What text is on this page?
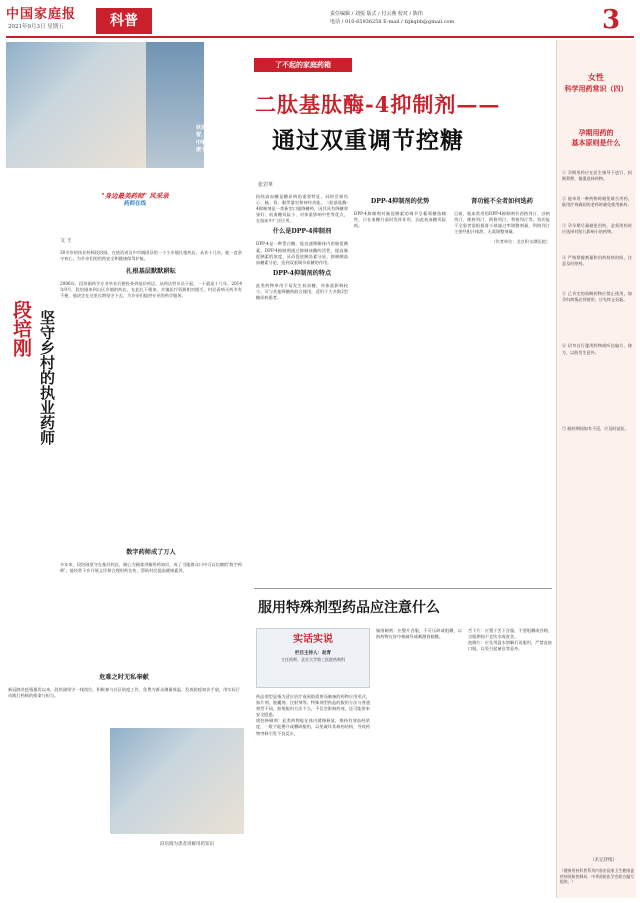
中国家庭报
2021年9月3日 星期五	科普	责任编辑 / 刘悦 版式 / 付云燕 校对 / 陈伟
电话 / 010-65936258 E-mail / fzjkqbb@gmail.com	3
扶贫，既需要扶志扶智，让困难群众在奋斗中增收，更需要打通健康'最后一公里'
"身边最美药师" 风采录
药师在线
文 王
30多岁的执业药师段培刚，在陕西省汉中市城固县的一个小乡镇扎根药店，从业十几年，他一直坚守初心，为乡亲们的用药安全和健康保驾护航。
段培刚 坚守乡村的执业药师
扎根基层默默耕耘
2006年，段培刚药学专业毕业后便投身到基层药店，从药店营业员干起，一干就是十几年。2014年9月，段培刚来到山区乡镇的药店，在此扎下根来。乡镇医疗资源相对匮乏，村民看病买药多有不便，他决定在这里长期坚守下去，为乡亲们提供专业的药学服务。
数字药师成了万人
多年来，段培刚坚守在基层药店，耐心为顾客讲解用药知识，成了当地群众口中可以信赖的'数字药师'。他经常下乡开展义诊和合理用药宣传，帮助村民提高健康素养。
危难之时无私奉献
新冠肺炎疫情暴发以来，段培刚坚守一线岗位，积极参与社区防疫工作，免费为群众测量体温、发放防疫知识手册，用实际行动践行药师的使命与担当。
段培刚为患者讲解用药知识
了不起的家庭药箱
二肽基肽酶-4抑制剂——
通过双重调节控糖
张岩革
持续高血糖是糖尿病的重要特征，同时会损伤心、脑、肾、眼等器官和神经功能。二肽基肽酶-4抑制剂是一类新型口服降糖药，因其具有降糖效果好、低血糖风险小、对体重影响中性等优点，在临床中广泛应用。
什么是DPP-4抑制剂
DPP-4是一种蛋白酶，能迅速降解体内的肠促胰素。DPP-4抑制剂通过抑制该酶的活性，提高肠促胰素的浓度，从而促进胰岛素分泌、抑制胰高血糖素分泌，达到双重调节血糖的作用。
DPP-4抑制剂的特点
此类药物单用不易发生低血糖，对体重影响较小，可与其他降糖药联合使用，适用于大多数2型糖尿病患者。
DPP-4抑制剂的优势
DPP-4抑制剂对肠促胰素的调节呈葡萄糖依赖性，只在血糖升高时发挥作用，因此低血糖风险低。
肾功能不全者如何选药
目前，临床常用的DPP-4抑制剂有西格列汀、沙格列汀、维格列汀、阿格列汀、利格列汀等。肾功能不全患者需根据肾小球滤过率调整剂量，利格列汀主要经胆汁排泄，无需调整剂量。
（作者单位：北京积水潭医院）
服用特殊剂型药品应注意什么
实话实说
栏目主持人：赵青
主任药师，北京大学第三医院药剂科
药品剂型是指为适应治疗或预防需要而制备的药物应用形式，如片剂、胶囊剂、注射剂等。特殊剂型药品的服用方法与普通剂型不同，如果服用方法不当，不仅会影响药效，还可能带来安全隐患。
缓控释制剂：此类药物能在体内缓慢释放，维持有效血药浓度，一般不能掰开或嚼碎服用，以免破坏其释药结构，导致药物突释引发不良反应。
肠溶制剂：应整片吞服，不可压碎或咀嚼，以防药物在胃中被破坏或刺激胃黏膜。
舌下片：应置于舌下含服，不要咀嚼或吞咽，含服期间不宜饮水或进食。
泡腾片：应先用温水溶解后再服用，严禁直接口服，以免引起窒息等意外。
女性
科学用药常识（四）
孕期用药的
基本原则是什么
① 孕期用药应在医生指导下进行，权衡利弊，慎重选择药物。
② 能单用一种药物时避免联合用药，能用疗效确切的老药时避免使用新药。
③ 孕早期尽量避免用药，必须用药时应选择对胎儿影响小的药物。
④ 严格掌握剂量和用药持续时间，注意及时停药。
⑤ 已肯定的致畸药物应禁止使用，如孕妇病情必须使用，应先终止妊娠。
⑥ 切勿自行滥用药物或听信偏方、秘方，以防发生意外。
⑦ 服药期间如有不适，应及时就医。
（未完待续）
（健康用药科普系列内容由国家卫生健康委疾病预防控制局、中华预防医学会联合编写提供。）
